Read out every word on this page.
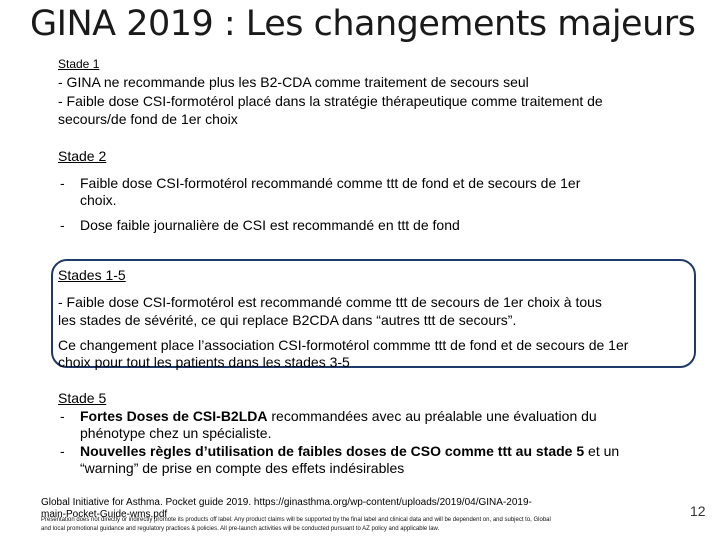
GINA 2019 : Les changements majeurs
Stade 1
- GINA ne recommande plus les B2-CDA comme traitement de secours seul
- Faible dose CSI-formotérol placé dans la stratégie thérapeutique comme traitement de
secours/de fond de 1er choix
Stade 2
- Faible dose CSI-formotérol recommandé comme ttt de fond et de secours de 1er
choix.
- Dose faible journalière de CSI est recommandé en ttt de fond
Stades 1-5
- Faible dose CSI-formotérol est recommandé comme ttt de secours de 1er choix à tous
les stades de sévérité, ce qui replace B2CDA dans “autres ttt de secours”.
Ce changement place l’association CSI-formotérol commme ttt de fond et de secours de 1er
choix pour tout les patients dans les stades 3-5
Stade 5
- Fortes Doses de CSI-B2LDA recommandées avec au préalable une évaluation du
phénotype chez un spécialiste.
- Nouvelles règles d’utilisation de faibles doses de CSO comme ttt au stade 5 et un
“warning” de prise en compte des effets indésirables
Global Initiative for Asthma. Pocket guide 2019. https://ginasthma.org/wp-content/uploads/2019/04/GINA-2019-
main-Pocket-Guide-wms.pdf
Presentation does not directly or indirectly promote its products off label. Any product claims will be supported by the final label and clinical data and will be dependent on, and subject to, Global
and local promotional guidance and regulatory practices & policies. All pre-launch activities will be conducted pursuant to AZ policy and applicable law.
12
